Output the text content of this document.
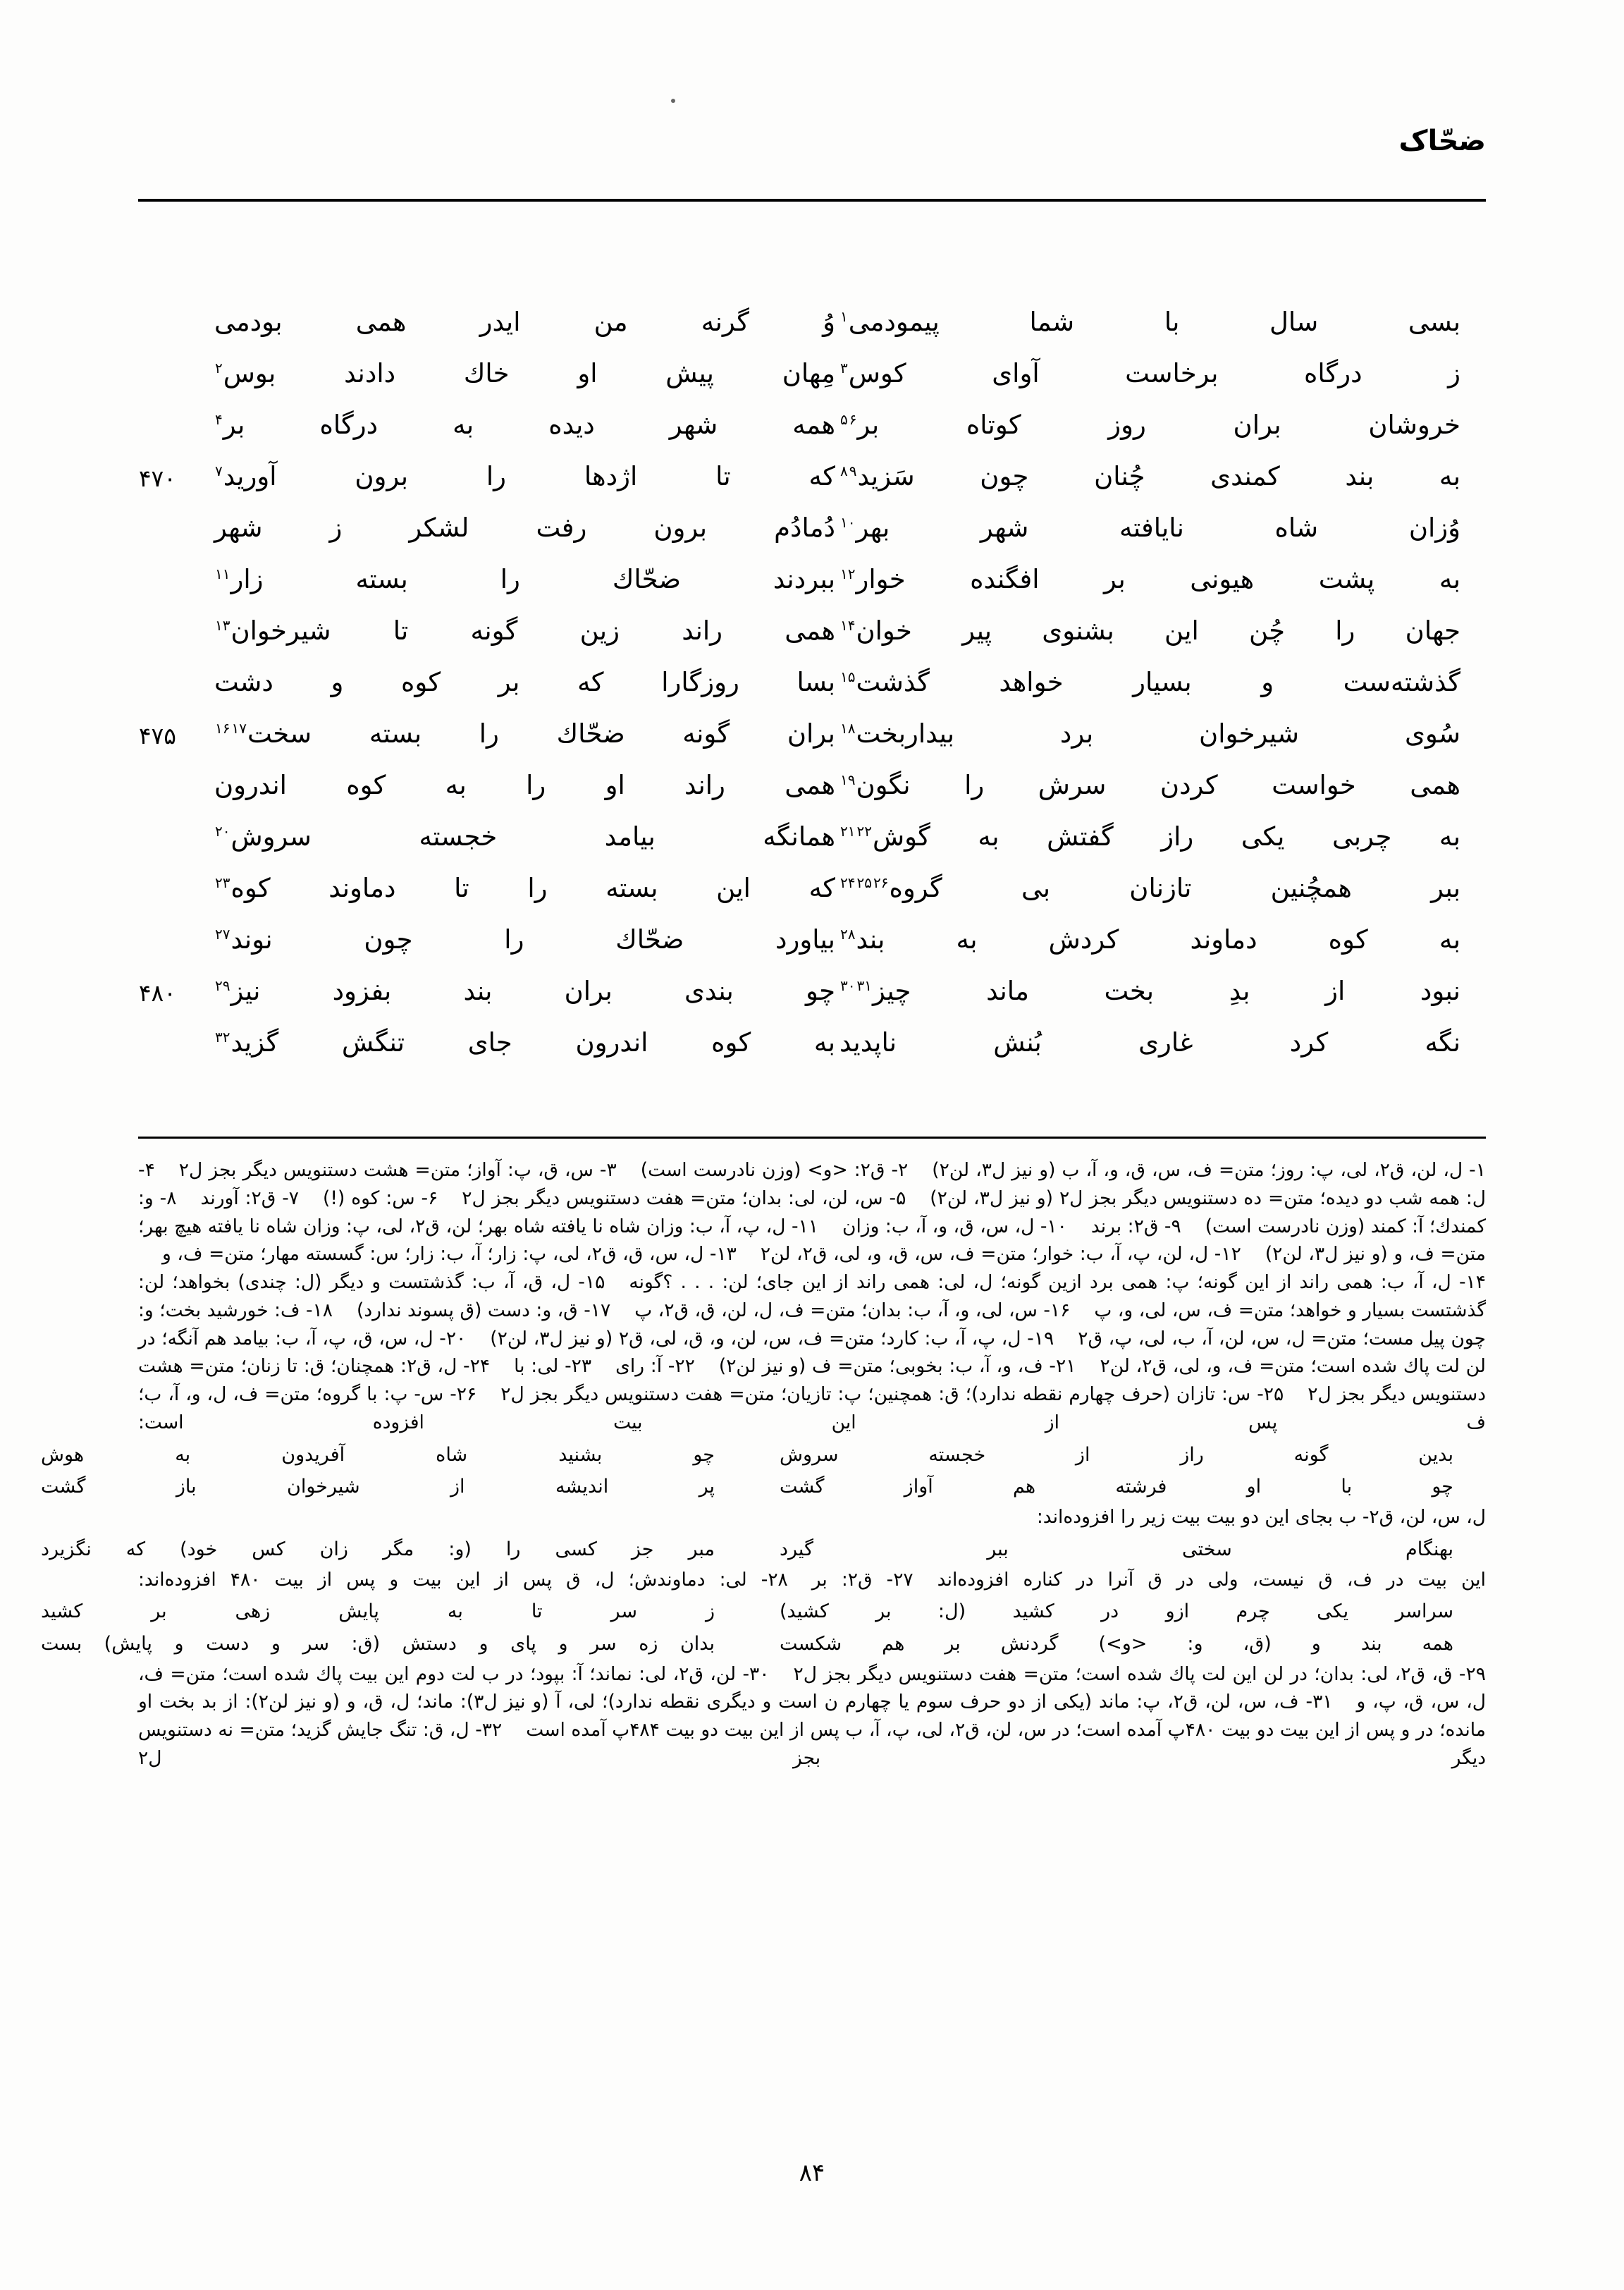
ضحّاک
بسی سال با شما پیمودمی$^۱$
وُ گرنه من ایدر همی بودمی
ز درگاه برخاست آوای كوس$^۳$
مِهان پیش او خاك دادند بوس$^۲$
خروشان بران روز كوتاه بر$^۵$ $^۶$
همه شهر دیده به درگاه بر$^۴$
به بند كمندی چُنان چون سَزید$^۸$ $^۹$
كه تا اژدها را برون آورید$^۷$
۴۷۰
وُزان شاه نایافته شهر بهر$^{۱۰}$
دُمادُم برون رفت لشكر ز شهر
به پشت هیونی بر افگنده خوار$^{۱۲}$
ببردند ضحّاك را بسته زار$^{۱۱}$
جهان را چُن این بشنوی پیر خوان$^{۱۴}$
همی راند زین گونه تا شیرخوان$^{۱۳}$
گذشته‌ست و بسیار خواهد گذشت$^{۱۵}$
بسا روزگارا كه بر كوه و دشت
سُوی شیرخوان برد بیداربخت$^{۱۸}$
بران گونه ضحّاك را بسته سخت$^{۱۶}$ $^{۱۷}$
۴۷۵
همی خواست كردن سرش را نگون$^{۱۹}$
همی راند او را به كوه اندرون
به چربی یكی راز گفتش به گوش$^{۲۱}$ $^{۲۲}$
همانگه بیامد خجسته سروش$^{۲۰}$
ببر همچُنین تازنان بی گروه$^{۲۴}$ $^{۲۵}$ $^{۲۶}$
كه این بسته را تا دماوند كوه$^{۲۳}$
به كوه دماوند كردش به بند$^{۲۸}$
بیاورد ضحّاك را چون نوند$^{۲۷}$
نبود از بدِ بخت ماند چیز$^{۳۰}$ $^{۳۱}$
چو بندی بران بند بفزود نیز$^{۲۹}$
۴۸۰
نگه كرد غاری بُنش ناپدید
به كوه اندرون جای تنگش گزید$^{۳۲}$

۱- ل، لن، ق۲، لى، پ: روز؛ متن= ف، س، ق، و، آ، ب (و نیز ل۳، لن۲)۲- ق۲: <و> (وزن نادرست است)۳- س، ق، پ: آواز؛ متن= هشت دستنویس دیگر بجز ل۲۴- ل: همه شب دو دیده؛ متن= ده دستنویس دیگر بجز ل۲ (و نیز ل۳، لن۲)۵- س، لن، لى: بدان؛ متن= هفت دستنویس دیگر بجز ل۲۶- س: كوه (!)۷- ق۲: آورند۸- و: كمندك؛ آ: كمند (وزن نادرست است)۹- ق۲: برند۱۰- ل، س، ق، و، آ، ب: وزان۱۱- ل، پ، آ، ب: وزان شاه نا یافته شاه بهر؛ لن، ق۲، لى، پ: وزان شاه نا یافته هیچ بهر؛ متن= ف، و (و نیز ل۳، لن۲)۱۲- ل، لن، پ، آ، ب: خوار؛ متن= ف، س، ق، و، لى، ق۲، لن۲۱۳- ل، س، ق، ق۲، لى، پ: زار؛ آ، ب: زار؛ س: گسسته مهار؛ متن= ف، و۱۴- ل، آ، ب: همى راند از این گونه؛ پ: همى برد ازین گونه؛ ل، لى: همى راند از این جاى؛ لن: . . . ؟گونه۱۵- ل، ق، آ، ب: گذشتست و دیگر (ل: چندى) بخواهد؛ لن: گذشتست بسیار و خواهد؛ متن= ف، س، لى، و، پ۱۶- س، لى، و، آ، ب: بدان؛ متن= ف، ل، لن، ق، ق۲، پ۱۷- ق، و: دست (ق پسوند ندارد)۱۸- ف: خورشید بخت؛ و: چون پیل مست؛ متن= ل، س، لن، آ، ب، لى، پ، ق۲۱۹- ل، پ، آ، ب: كارد؛ متن= ف، س، لن، و، ق، لى، ق۲ (و نیز ل۳، لن۲)۲۰- ل، س، ق، پ، آ، ب: بیامد هم آنگه؛ در لن لت پاك شده است؛ متن= ف، و، لى، ق۲، لن۲۲۱- ف، و، آ، ب: بخوبى؛ متن= ف (و نیز لن۲)۲۲- آ: راى۲۳- لى: با۲۴- ل، ق۲: همچنان؛ ق: تا زنان؛ متن= هشت دستنویس دیگر بجز ل۲۲۵- س: تازان (حرف چهارم نقطه ندارد)؛ ق: همچنین؛ پ: تازیان؛ متن= هفت دستنویس دیگر بجز ل۲۲۶- س- پ: با گروه؛ متن= ف، ل، و، آ، ب؛ ف پس از این بیت افزوده است:

بدین گونه راز از خجسته سروش
چو بشنید شاه آفریدون به هوش
چو با او فرشته هم آواز گشت
پر اندیشه از شیرخوان باز گشت

ل، س، لن، ق۲- ب بجاى این دو بیت بیت زیر را افزوده‌اند:

بهنگام سختى ببر گیرد
مبر جز كسى را (و: مگر زان كس خود) كه نگزیرد

این بیت در ف، ق نیست، ولى در ق آنرا در كناره افزوده‌اند۲۷- ق۲: بر۲۸- لى: دماوندش؛ ل، ق پس از این بیت و پس از بیت ۴۸۰ افزوده‌اند:

سراسر یكى چرم ازو در كشید (ل: بر كشید)
ز سر تا به پایش زهى بر كشید
همه بند و (ق، و: <و>) گردنش بر هم شكست
بدان زه سر و پاى و دستش (ق: سر و دست و پایش) بست

۲۹- ق، ق۲، لى: بدان؛ در لن این لت پاك شده است؛ متن= هفت دستنویس دیگر بجز ل۲۳۰- لن، ق۲، لى: نماند؛ آ: بپود؛ در ب لت دوم این بیت پاك شده است؛ متن= ف، ل، س، ق، پ، و۳۱- ف، س، لن، ق۲، پ: ماند (یكى از دو حرف سوم یا چهارم ن است و دیگرى نقطه ندارد)؛ لى، آ (و نیز ل۳): ماند؛ ل، ق، و (و نیز لن۲): از بد بخت او مانده؛ در و پس از این بیت دو بیت ۴۸۰پ آمده است؛ در س، لن، ق۲، لى، پ، آ، ب پس از این بیت دو بیت ۴۸۴پ آمده است۳۲- ل، ق: تنگ جایش گزید؛ متن= نه دستنویس دیگر بجز ل۲

۸۴
